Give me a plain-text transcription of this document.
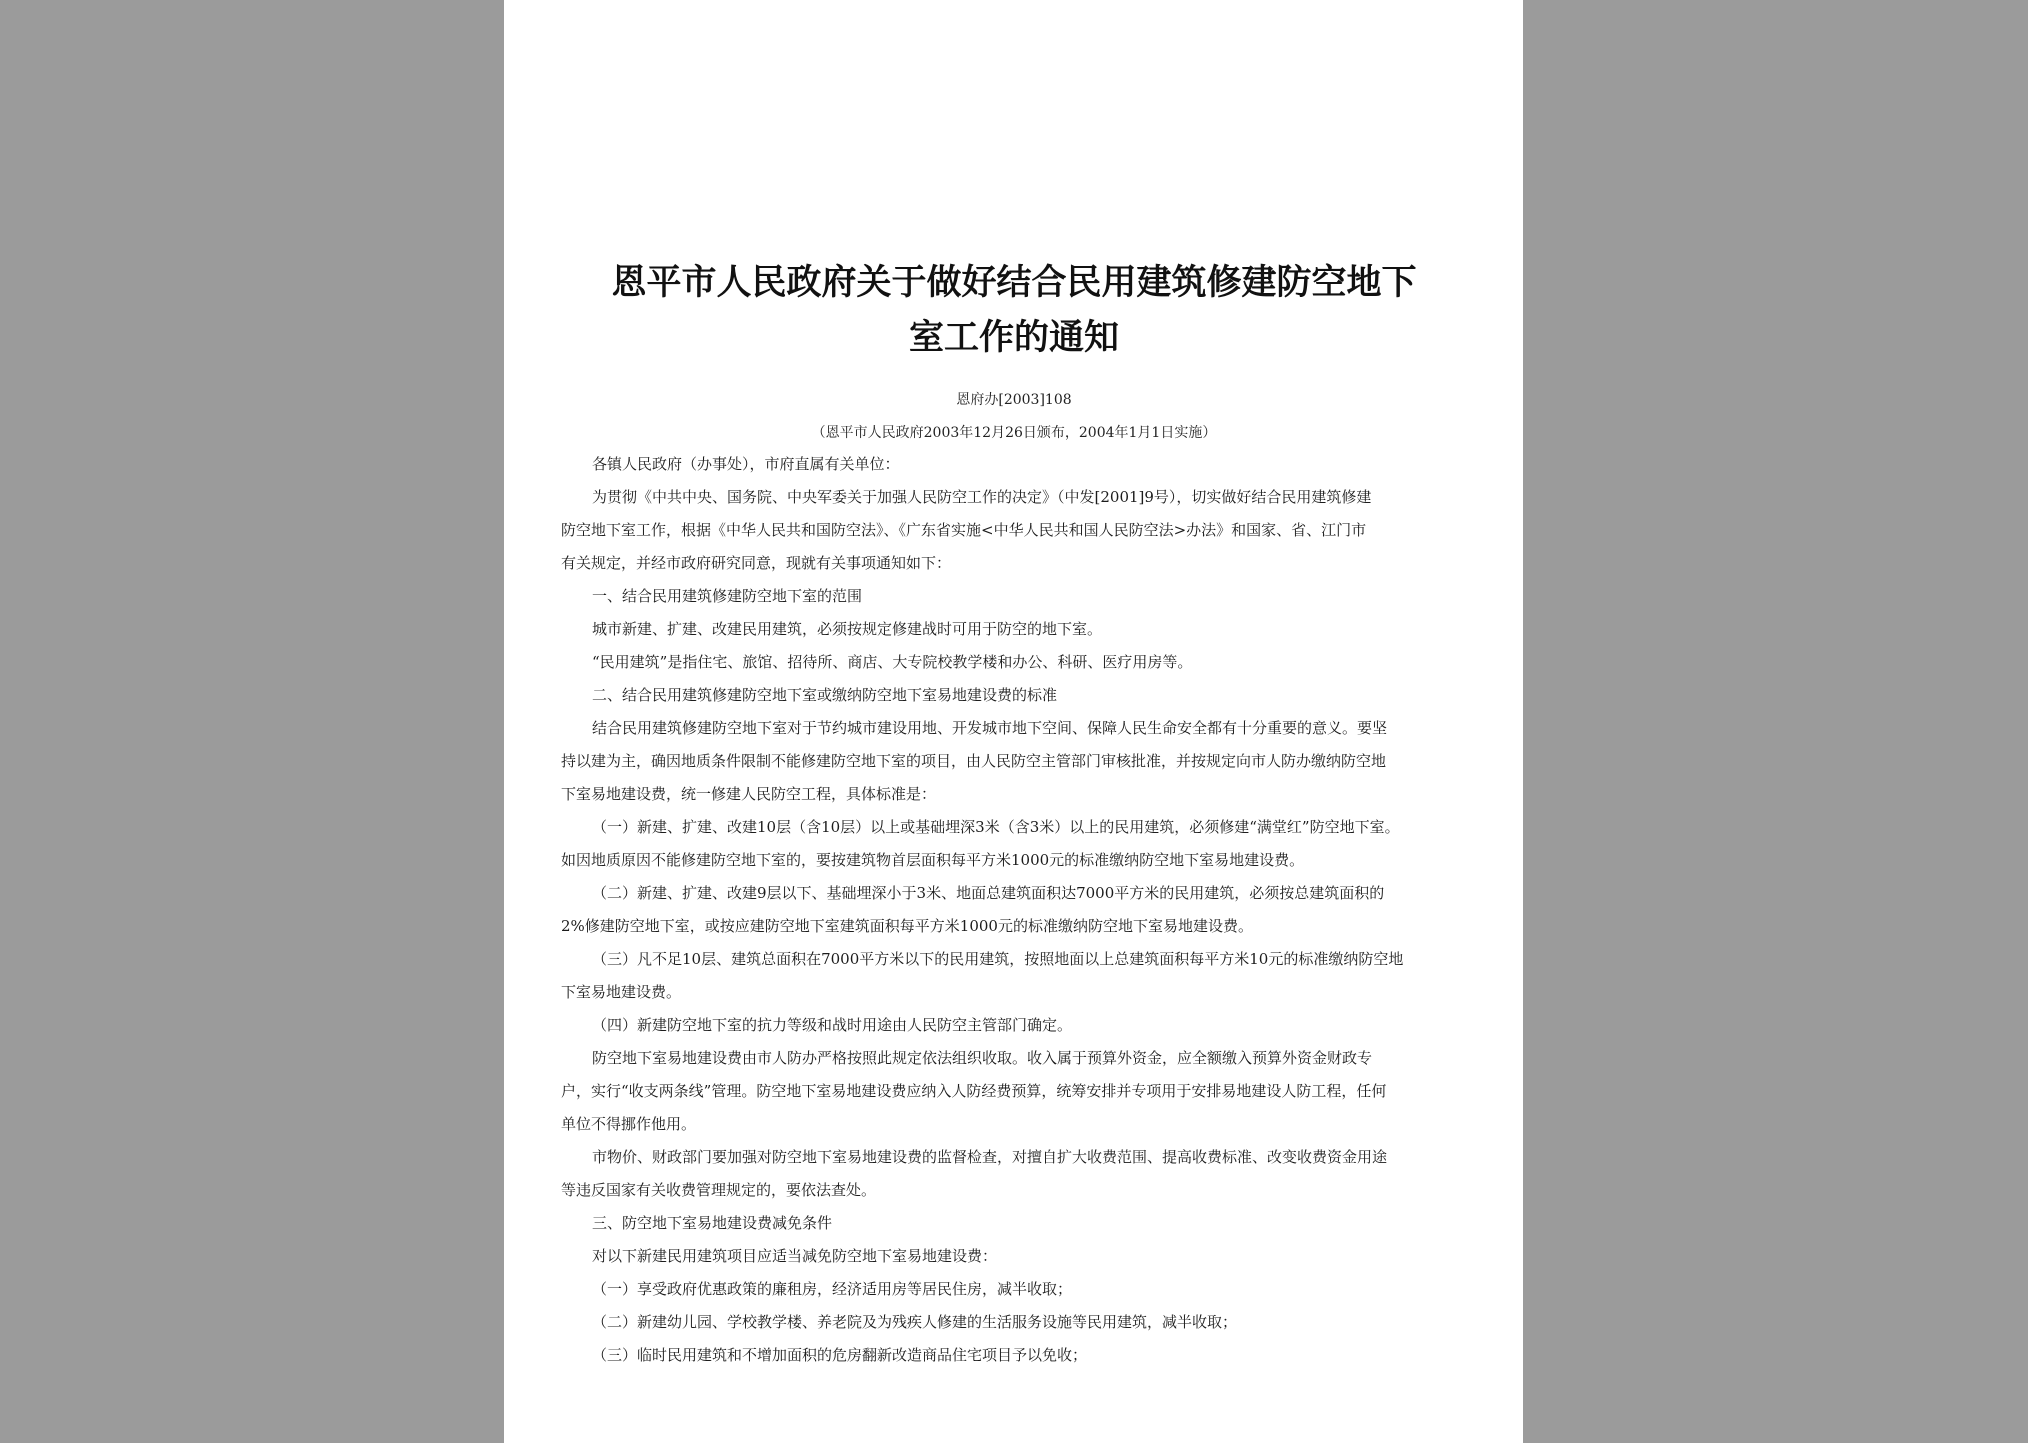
恩平市人民政府关于做好结合民用建筑修建防空地下
室工作的通知
恩府办[2003]108
（恩平市人民政府2003年12月26日颁布，2004年1月1日实施）
各镇人民政府（办事处），市府直属有关单位：
为贯彻《中共中央、国务院、中央军委关于加强人民防空工作的决定》（中发[2001]9号），切实做好结合民用建筑修建
防空地下室工作，根据《中华人民共和国防空法》、《广东省实施<中华人民共和国人民防空法>办法》和国家、省、江门市
有关规定，并经市政府研究同意，现就有关事项通知如下：
一、结合民用建筑修建防空地下室的范围
城市新建、扩建、改建民用建筑，必须按规定修建战时可用于防空的地下室。
“民用建筑”是指住宅、旅馆、招待所、商店、大专院校教学楼和办公、科研、医疗用房等。
二、结合民用建筑修建防空地下室或缴纳防空地下室易地建设费的标准
结合民用建筑修建防空地下室对于节约城市建设用地、开发城市地下空间、保障人民生命安全都有十分重要的意义。要坚
持以建为主，确因地质条件限制不能修建防空地下室的项目，由人民防空主管部门审核批准，并按规定向市人防办缴纳防空地
下室易地建设费，统一修建人民防空工程，具体标准是：
（一）新建、扩建、改建10层（含10层）以上或基础埋深3米（含3米）以上的民用建筑，必须修建“满堂红”防空地下室。
如因地质原因不能修建防空地下室的，要按建筑物首层面积每平方米1000元的标准缴纳防空地下室易地建设费。
（二）新建、扩建、改建9层以下、基础埋深小于3米、地面总建筑面积达7000平方米的民用建筑，必须按总建筑面积的
2%修建防空地下室，或按应建防空地下室建筑面积每平方米1000元的标准缴纳防空地下室易地建设费。
（三）凡不足10层、建筑总面积在7000平方米以下的民用建筑，按照地面以上总建筑面积每平方米10元的标准缴纳防空地
下室易地建设费。
（四）新建防空地下室的抗力等级和战时用途由人民防空主管部门确定。
防空地下室易地建设费由市人防办严格按照此规定依法组织收取。收入属于预算外资金，应全额缴入预算外资金财政专
户，实行“收支两条线”管理。防空地下室易地建设费应纳入人防经费预算，统筹安排并专项用于安排易地建设人防工程，任何
单位不得挪作他用。
市物价、财政部门要加强对防空地下室易地建设费的监督检查，对擅自扩大收费范围、提高收费标准、改变收费资金用途
等违反国家有关收费管理规定的，要依法查处。
三、防空地下室易地建设费减免条件
对以下新建民用建筑项目应适当减免防空地下室易地建设费：
（一）享受政府优惠政策的廉租房，经济适用房等居民住房，减半收取；
（二）新建幼儿园、学校教学楼、养老院及为残疾人修建的生活服务设施等民用建筑，减半收取；
（三）临时民用建筑和不增加面积的危房翻新改造商品住宅项目予以免收；
